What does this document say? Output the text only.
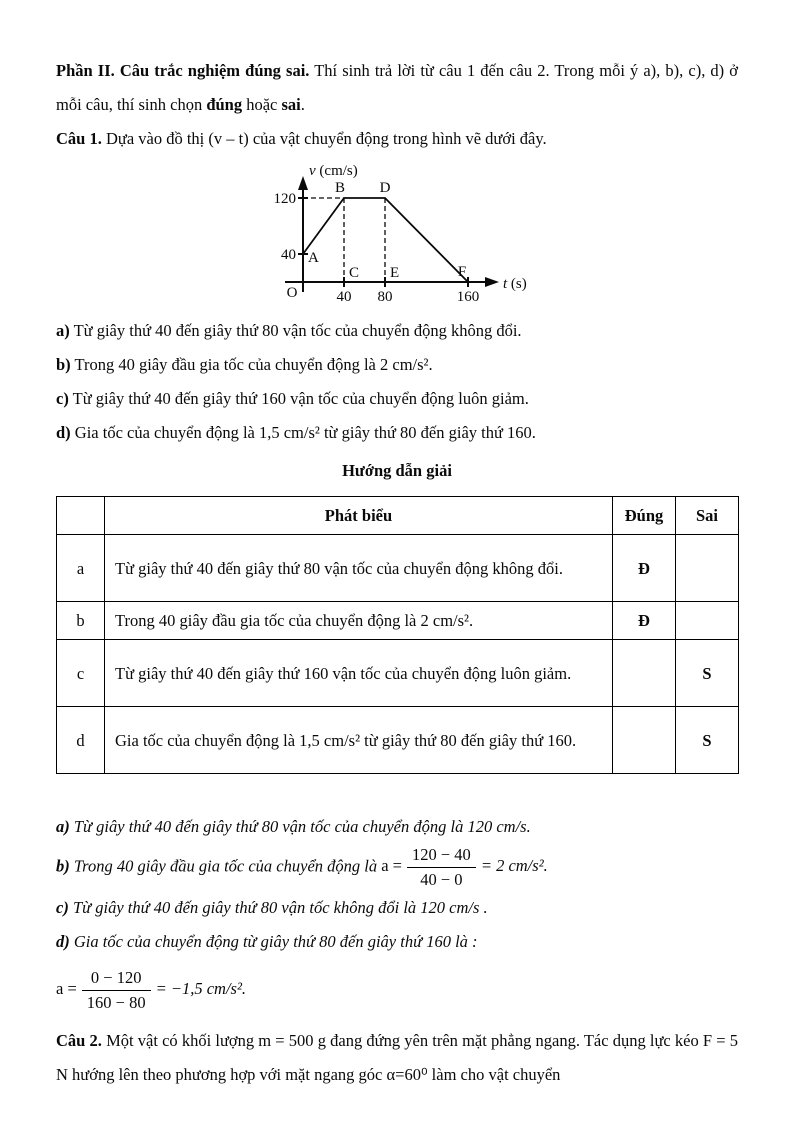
Phần II. Câu trắc nghiệm đúng sai. Thí sinh trả lời từ câu 1 đến câu 2. Trong mỗi ý a), b), c), d) ở mỗi câu, thí sinh chọn đúng hoặc sai.

Câu 1. Dựa vào đồ thị (v – t) của vật chuyển động trong hình vẽ dưới đây.

v (cm/s)
t (s)
120
40
O	40 80	160
A
B
C
D
E	F

a) Từ giây thứ 40 đến giây thứ 80 vận tốc của chuyển động không đổi.

b) Trong 40 giây đầu gia tốc của chuyển động là 2 cm/s².

c) Từ giây thứ 40 đến giây thứ 160 vận tốc của chuyển động luôn giảm.

d) Gia tốc của chuyển động là 1,5 cm/s² từ giây thứ 80 đến giây thứ 160.

Hướng dẫn giải

	Phát biểu	Đúng	Sai
a	Từ giây thứ 40 đến giây thứ 80 vận tốc của chuyển động không đổi.	Đ	
b	Trong 40 giây đầu gia tốc của chuyển động là 2 cm/s².	Đ	
c	Từ giây thứ 40 đến giây thứ 160 vận tốc của chuyển động luôn giảm.		S
d	Gia tốc của chuyển động là 1,5 cm/s² từ giây thứ 80 đến giây thứ 160.		S

a) Từ giây thứ 40 đến giây thứ 80 vận tốc của chuyển động là 120 cm/s.

b) Trong 40 giây đầu gia tốc của chuyển động là $a = \frac{120 - 40}{40 - 0} = 2$ cm/s².

c) Từ giây thứ 40 đến giây thứ 80 vận tốc không đổi là 120 cm/s .

d) Gia tốc của chuyển động từ giây thứ 80 đến giây thứ 160 là :

$a = \frac{0 - 120}{160 - 80} = -1,5$ cm/s².

Câu 2. Một vật có khối lượng m = 500 g đang đứng yên trên mặt phẳng ngang. Tác dụng lực kéo F = 5 N hướng lên theo phương hợp với mặt ngang góc α=60⁰ làm cho vật chuyển
